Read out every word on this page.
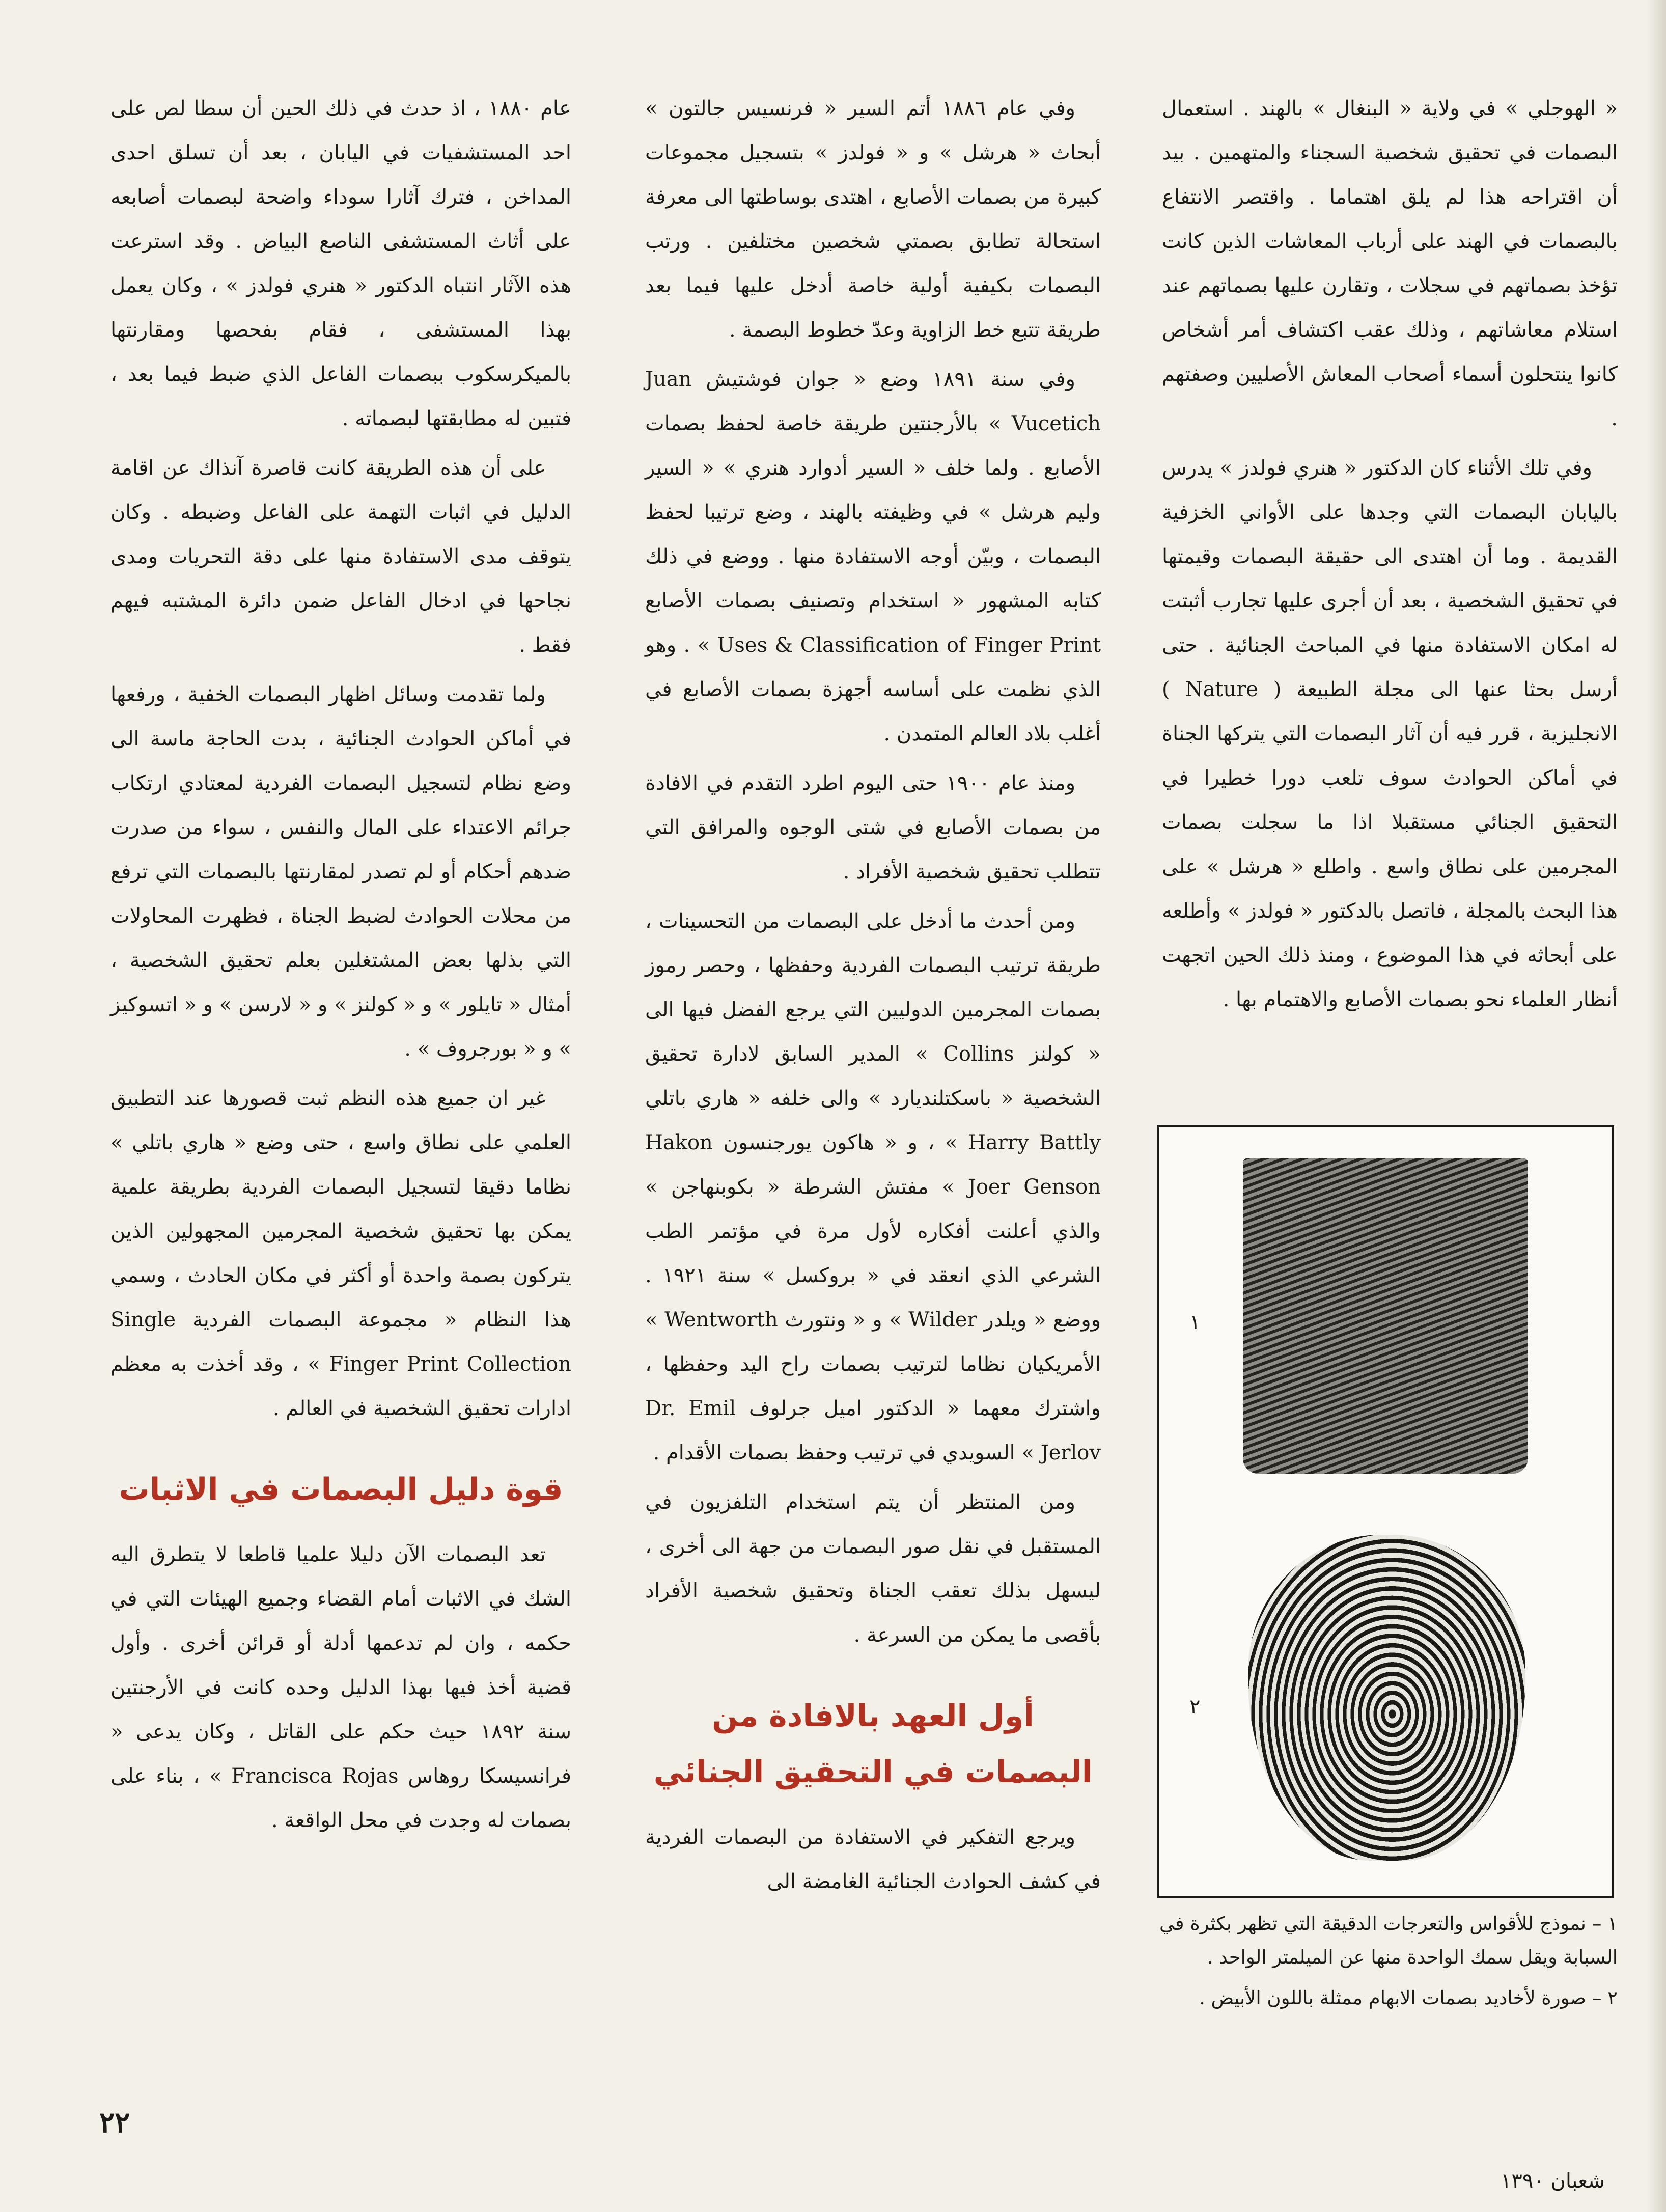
« الهوجلي » في ولاية « البنغال » بالهند . استعمال البصمات في تحقيق شخصية السجناء والمتهمين . بيد أن اقتراحه هذا لم يلق اهتماما . واقتصر الانتفاع بالبصمات في الهند على أرباب المعاشات الذين كانت تؤخذ بصماتهم في سجلات ، وتقارن عليها بصماتهم عند استلام معاشاتهم ، وذلك عقب اكتشاف أمر أشخاص كانوا ينتحلون أسماء أصحاب المعاش الأصليين وصفتهم .

وفي تلك الأثناء كان الدكتور « هنري فولدز » يدرس باليابان البصمات التي وجدها على الأواني الخزفية القديمة . وما أن اهتدى الى حقيقة البصمات وقيمتها في تحقيق الشخصية ، بعد أن أجرى عليها تجارب أثبتت له امكان الاستفادة منها في المباحث الجنائية . حتى أرسل بحثا عنها الى مجلة الطبيعة ( Nature ) الانجليزية ، قرر فيه أن آثار البصمات التي يتركها الجناة في أماكن الحوادث سوف تلعب دورا خطيرا في التحقيق الجنائي مستقبلا اذا ما سجلت بصمات المجرمين على نطاق واسع . واطلع « هرشل » على هذا البحث بالمجلة ، فاتصل بالدكتور « فولدز » وأطلعه على أبحاثه في هذا الموضوع ، ومنذ ذلك الحين اتجهت أنظار العلماء نحو بصمات الأصابع والاهتمام بها .

١
٢

١ – نموذج للأقواس والتعرجات الدقيقة التي تظهر بكثرة في السبابة ويقل سمك الواحدة منها عن الميلمتر الواحد .

٢ – صورة لأخاديد بصمات الابهام ممثلة باللون الأبيض .

وفي عام ١٨٨٦ أتم السير « فرنسيس جالتون » أبحاث « هرشل » و « فولدز » بتسجيل مجموعات كبيرة من بصمات الأصابع ، اهتدى بوساطتها الى معرفة استحالة تطابق بصمتي شخصين مختلفين . ورتب البصمات بكيفية أولية خاصة أدخل عليها فيما بعد طريقة تتبع خط الزاوية وعدّ خطوط البصمة .

وفي سنة ١٨٩١ وضع « جوان فوشتيش Juan Vucetich » بالأرجنتين طريقة خاصة لحفظ بصمات الأصابع . ولما خلف « السير أدوارد هنري » « السير وليم هرشل » في وظيفته بالهند ، وضع ترتيبا لحفظ البصمات ، وبيّن أوجه الاستفادة منها . ووضع في ذلك كتابه المشهور « استخدام وتصنيف بصمات الأصابع Uses & Classification of Finger Print » . وهو الذي نظمت على أساسه أجهزة بصمات الأصابع في أغلب بلاد العالم المتمدن .

ومنذ عام ١٩٠٠ حتى اليوم اطرد التقدم في الافادة من بصمات الأصابع في شتى الوجوه والمرافق التي تتطلب تحقيق شخصية الأفراد .

ومن أحدث ما أدخل على البصمات من التحسينات ، طريقة ترتيب البصمات الفردية وحفظها ، وحصر رموز بصمات المجرمين الدوليين التي يرجع الفضل فيها الى « كولنز Collins » المدير السابق لادارة تحقيق الشخصية « باسكتلنديارد » والى خلفه « هاري باتلي Harry Battly » ، و « هاكون يورجنسون Hakon Joer Genson » مفتش الشرطة « بكوبنهاجن » والذي أعلنت أفكاره لأول مرة في مؤتمر الطب الشرعي الذي انعقد في « بروكسل » سنة ١٩٢١ . ووضع « ويلدر Wilder » و « ونتورث Wentworth » الأمريكيان نظاما لترتيب بصمات راح اليد وحفظها ، واشترك معهما « الدكتور اميل جرلوف Dr. Emil Jerlov » السويدي في ترتيب وحفظ بصمات الأقدام .

ومن المنتظر أن يتم استخدام التلفزيون في المستقبل في نقل صور البصمات من جهة الى أخرى ، ليسهل بذلك تعقب الجناة وتحقيق شخصية الأفراد بأقصى ما يمكن من السرعة .

أول العهد بالافادة من البصمات في التحقيق الجنائي

ويرجع التفكير في الاستفادة من البصمات الفردية في كشف الحوادث الجنائية الغامضة الى

عام ١٨٨٠ ، اذ حدث في ذلك الحين أن سطا لص على احد المستشفيات في اليابان ، بعد أن تسلق احدى المداخن ، فترك آثارا سوداء واضحة لبصمات أصابعه على أثاث المستشفى الناصع البياض . وقد استرعت هذه الآثار انتباه الدكتور « هنري فولدز » ، وكان يعمل بهذا المستشفى ، فقام بفحصها ومقارنتها بالميكرسكوب ببصمات الفاعل الذي ضبط فيما بعد ، فتبين له مطابقتها لبصماته .

على أن هذه الطريقة كانت قاصرة آنذاك عن اقامة الدليل في اثبات التهمة على الفاعل وضبطه . وكان يتوقف مدى الاستفادة منها على دقة التحريات ومدى نجاحها في ادخال الفاعل ضمن دائرة المشتبه فيهم فقط .

ولما تقدمت وسائل اظهار البصمات الخفية ، ورفعها في أماكن الحوادث الجنائية ، بدت الحاجة ماسة الى وضع نظام لتسجيل البصمات الفردية لمعتادي ارتكاب جرائم الاعتداء على المال والنفس ، سواء من صدرت ضدهم أحكام أو لم تصدر لمقارنتها بالبصمات التي ترفع من محلات الحوادث لضبط الجناة ، فظهرت المحاولات التي بذلها بعض المشتغلين بعلم تحقيق الشخصية ، أمثال « تايلور » و « كولنز » و « لارسن » و « اتسوكيز » و « بورجروف » .

غير ان جميع هذه النظم ثبت قصورها عند التطبيق العلمي على نطاق واسع ، حتى وضع « هاري باتلي » نظاما دقيقا لتسجيل البصمات الفردية بطريقة علمية يمكن بها تحقيق شخصية المجرمين المجهولين الذين يتركون بصمة واحدة أو أكثر في مكان الحادث ، وسمي هذا النظام « مجموعة البصمات الفردية Single Finger Print Collection » ، وقد أخذت به معظم ادارات تحقيق الشخصية في العالم .

قوة دليل البصمات في الاثبات

تعد البصمات الآن دليلا علميا قاطعا لا يتطرق اليه الشك في الاثبات أمام القضاء وجميع الهيئات التي في حكمه ، وان لم تدعمها أدلة أو قرائن أخرى . وأول قضية أخذ فيها بهذا الدليل وحده كانت في الأرجنتين سنة ١٨٩٢ حيث حكم على القاتل ، وكان يدعى « فرانسيسكا روهاس Francisca Rojas » ، بناء على بصمات له وجدت في محل الواقعة .

٢٢
شعبان ١٣٩٠
